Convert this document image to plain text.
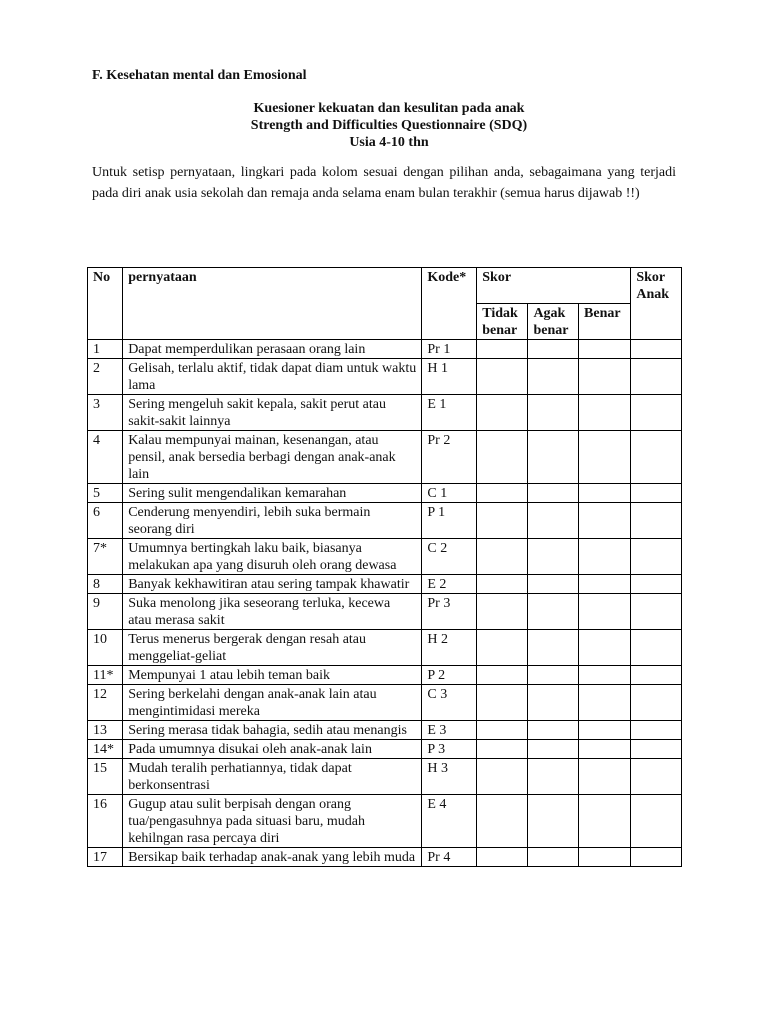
F. Kesehatan mental dan Emosional
Kuesioner kekuatan dan kesulitan pada anak
Strength and Difficulties Questionnaire (SDQ)
Usia 4-10 thn
Untuk setisp pernyataan, lingkari pada kolom sesuai dengan pilihan anda, sebagaimana yang terjadi pada diri anak usia sekolah dan remaja anda selama enam bulan terakhir (semua harus dijawab !!)
No	pernyataan	Kode*	Skor			Skor Anak
			Tidak benar	Agak benar	Benar	
1	Dapat memperdulikan perasaan orang lain	Pr 1				
2	Gelisah, terlalu aktif, tidak dapat diam untuk waktu lama	H 1				
3	Sering mengeluh sakit kepala, sakit perut atau sakit-sakit lainnya	E 1				
4	Kalau mempunyai mainan, kesenangan, atau pensil, anak bersedia berbagi dengan anak-anak lain	Pr 2				
5	Sering sulit mengendalikan kemarahan	C 1				
6	Cenderung menyendiri, lebih suka bermain seorang diri	P 1				
7*	Umumnya bertingkah laku baik, biasanya melakukan apa yang disuruh oleh orang dewasa	C 2				
8	Banyak kekhawitiran atau sering tampak khawatir	E 2				
9	Suka menolong jika seseorang terluka, kecewa atau merasa sakit	Pr 3				
10	Terus menerus bergerak dengan resah atau menggeliat-geliat	H 2				
11*	Mempunyai 1 atau lebih teman baik	P 2				
12	Sering berkelahi dengan anak-anak lain atau mengintimidasi mereka	C 3				
13	Sering merasa tidak bahagia, sedih atau menangis	E 3				
14*	Pada umumnya disukai oleh anak-anak lain	P 3				
15	Mudah teralih perhatiannya, tidak dapat berkonsentrasi	H 3				
16	Gugup atau sulit berpisah dengan orang tua/pengasuhnya pada situasi baru, mudah kehilngan rasa percaya diri	E 4				
17	Bersikap baik terhadap anak-anak yang lebih muda	Pr 4				
